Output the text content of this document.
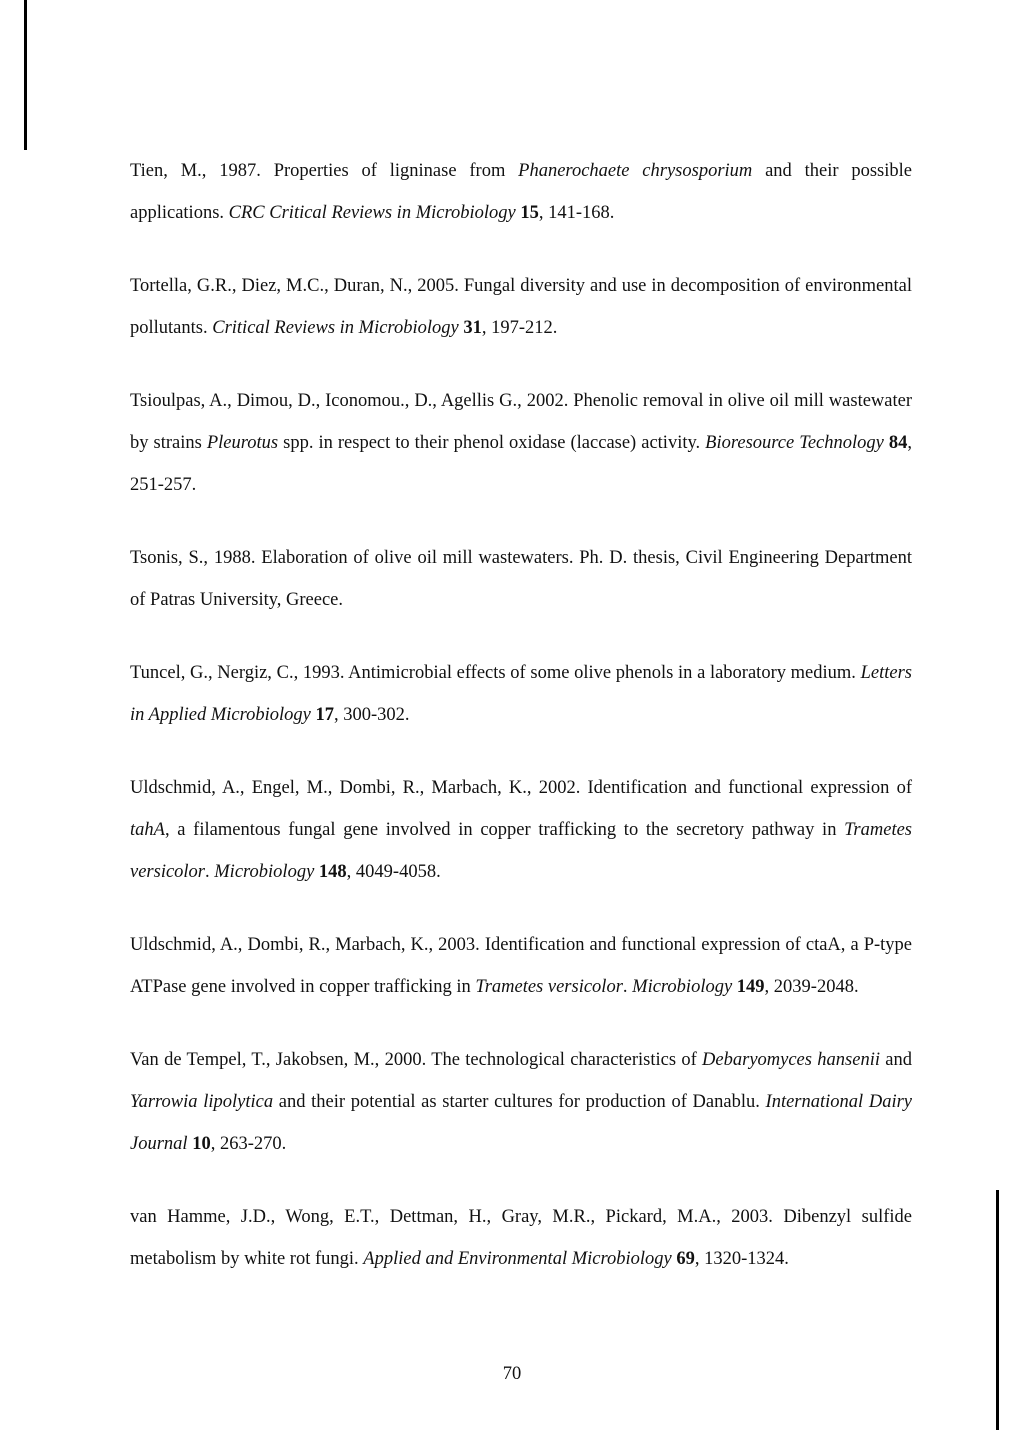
Tien, M., 1987. Properties of ligninase from Phanerochaete chrysosporium and their possible applications. CRC Critical Reviews in Microbiology 15, 141-168.

Tortella, G.R., Diez, M.C., Duran, N., 2005. Fungal diversity and use in decomposition of environmental pollutants. Critical Reviews in Microbiology 31, 197-212.

Tsioulpas, A., Dimou, D., Iconomou., D., Agellis G., 2002. Phenolic removal in olive oil mill wastewater by strains Pleurotus spp. in respect to their phenol oxidase (laccase) activity. Bioresource Technology 84, 251-257.

Tsonis, S., 1988. Elaboration of olive oil mill wastewaters. Ph. D. thesis, Civil Engineering Department of Patras University, Greece.

Tuncel, G., Nergiz, C., 1993. Antimicrobial effects of some olive phenols in a laboratory medium. Letters in Applied Microbiology 17, 300-302.

Uldschmid, A., Engel, M., Dombi, R., Marbach, K., 2002. Identification and functional expression of tahA, a filamentous fungal gene involved in copper trafficking to the secretory pathway in Trametes versicolor. Microbiology 148, 4049-4058.

Uldschmid, A., Dombi, R., Marbach, K., 2003. Identification and functional expression of ctaA, a P-type ATPase gene involved in copper trafficking in Trametes versicolor. Microbiology 149, 2039-2048.

Van de Tempel, T., Jakobsen, M., 2000. The technological characteristics of Debaryomyces hansenii and Yarrowia lipolytica and their potential as starter cultures for production of Danablu. International Dairy Journal 10, 263-270.

van Hamme, J.D., Wong, E.T., Dettman, H., Gray, M.R., Pickard, M.A., 2003. Dibenzyl sulfide metabolism by white rot fungi. Applied and Environmental Microbiology 69, 1320-1324.

70
